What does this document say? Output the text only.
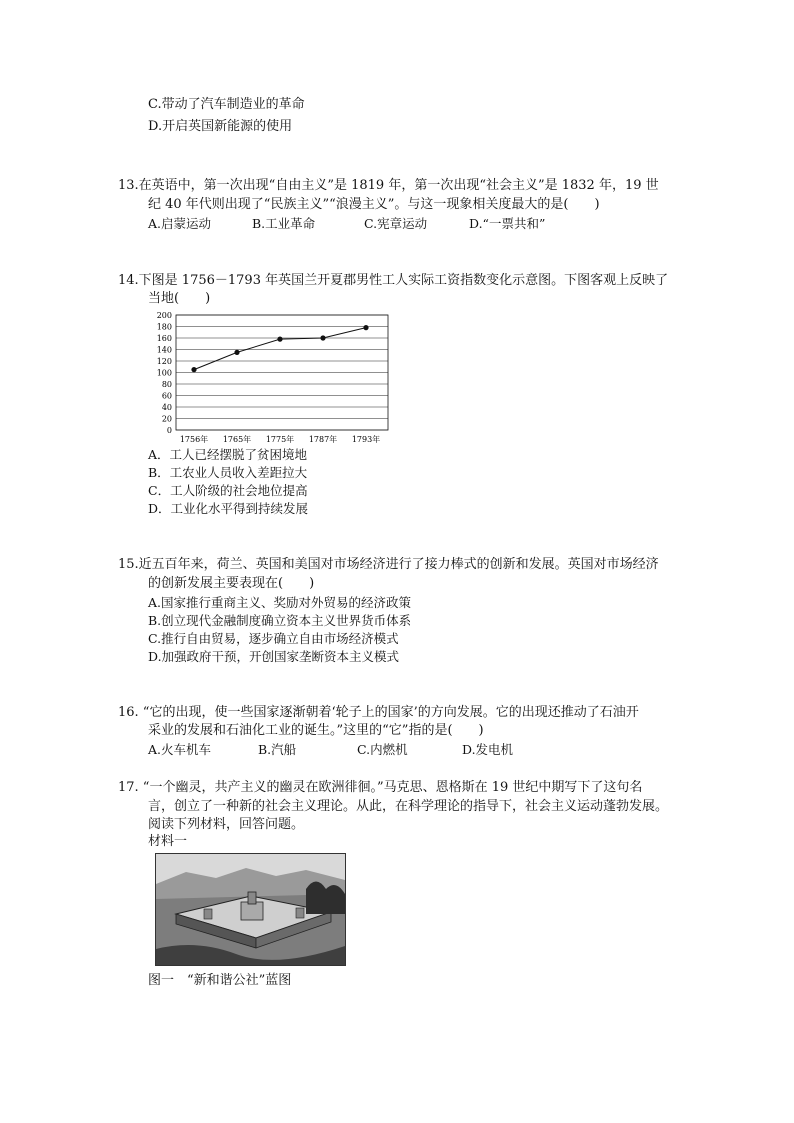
C.带动了汽车制造业的革命
D.开启英国新能源的使用
13.在英语中，第一次出现“自由主义”是 1819 年，第一次出现“社会主义”是 1832 年，19 世
纪 40 年代则出现了“民族主义”“浪漫主义”。与这一现象相关度最大的是(　　)
A.启蒙运动	B.工业革命	C.宪章运动	D.“一票共和”
14.下图是 1756－1793 年英国兰开夏郡男性工人实际工资指数变化示意图。下图客观上反映了
当地(　　)
0
20
40
60
80
100
120
140
160
180
200
1756年 1765年 1775年 1787年 1793年
A．工人已经摆脱了贫困境地
B．工农业人员收入差距拉大
C．工人阶级的社会地位提高
D．工业化水平得到持续发展
15.近五百年来，荷兰、英国和美国对市场经济进行了接力棒式的创新和发展。英国对市场经济
的创新发展主要表现在(　　)
A.国家推行重商主义、奖励对外贸易的经济政策
B.创立现代金融制度确立资本主义世界货币体系
C.推行自由贸易，逐步确立自由市场经济模式
D.加强政府干预，开创国家垄断资本主义模式
16. “它的出现，使一些国家逐渐朝着‘轮子上的国家’的方向发展。它的出现还推动了石油开
采业的发展和石油化工业的诞生。”这里的“它”指的是(　　)
A.火车机车	B.汽船	C.内燃机	D.发电机
17. “一个幽灵，共产主义的幽灵在欧洲徘徊。”马克思、恩格斯在 19 世纪中期写下了这句名
言，创立了一种新的社会主义理论。从此，在科学理论的指导下，社会主义运动蓬勃发展。
阅读下列材料，回答问题。
材料一
图一　“新和谐公社”蓝图
